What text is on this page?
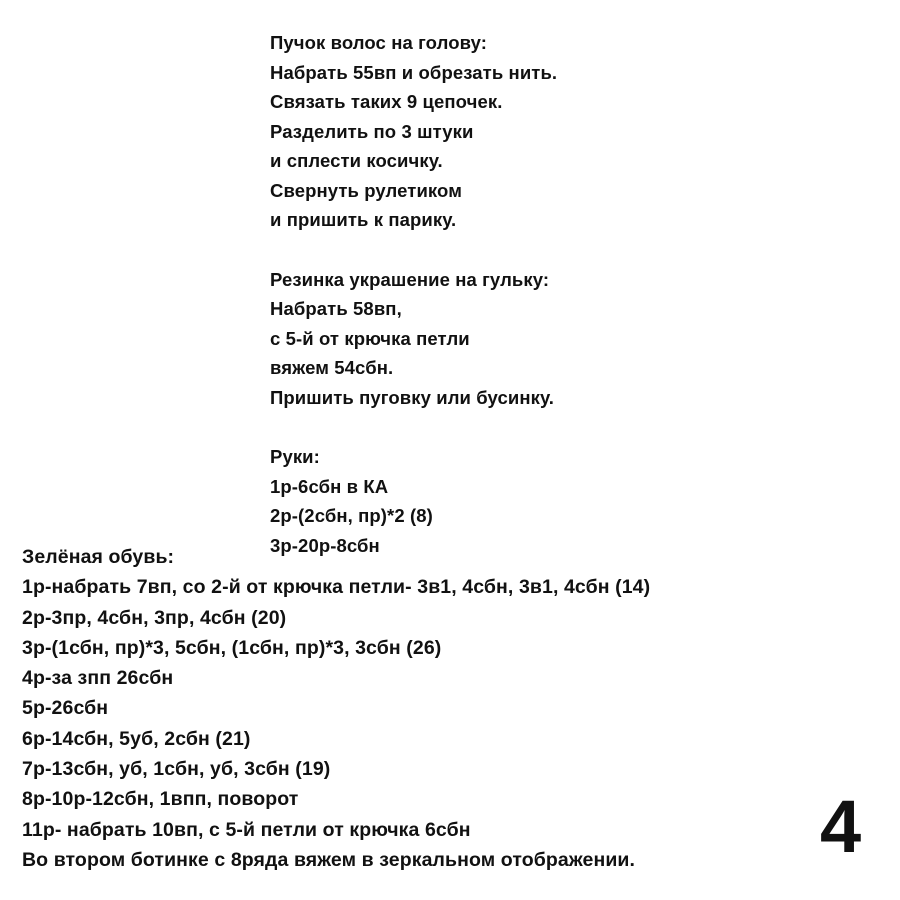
Пучок волос на голову:
Набрать 55вп и обрезать нить.
Связать таких 9 цепочек.
Разделить по 3 штуки
и сплести косичку.
Свернуть рулетиком
и пришить к парику.
Резинка украшение на гульку:
Набрать 58вп,
с 5-й от крючка петли
вяжем 54сбн.
Пришить пуговку или бусинку.
Руки:
1р-6сбн в КА
2р-(2сбн, пр)*2 (8)
3р-20р-8сбн
Зелёная обувь:
1р-набрать 7вп, со 2-й от крючка петли- 3в1, 4сбн, 3в1, 4сбн (14)
2р-3пр, 4сбн, 3пр, 4сбн (20)
3р-(1сбн, пр)*3, 5сбн, (1сбн, пр)*3, 3сбн (26)
4р-за зпп 26сбн
5р-26сбн
6р-14сбн, 5уб, 2сбн (21)
7р-13сбн, уб, 1сбн, уб, 3сбн (19)
8р-10р-12сбн, 1впп, поворот
11р- набрать 10вп, с 5-й петли от крючка 6сбн
Во втором ботинке с 8ряда вяжем в зеркальном отображении.	4
